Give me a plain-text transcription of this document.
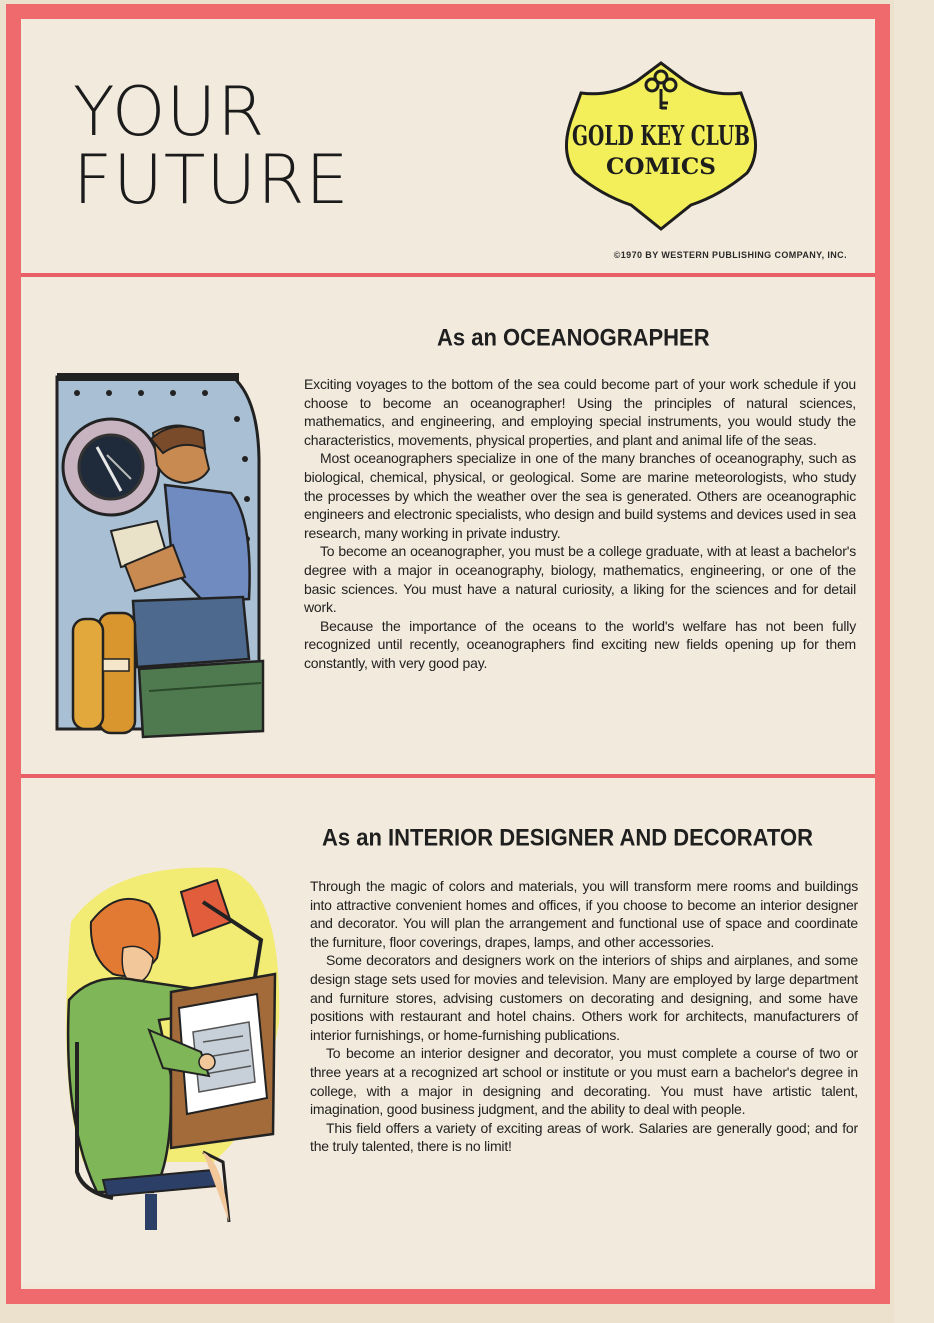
YOUR
FUTURE
GOLD KEY CLUB
COMICS

©1970 BY WESTERN PUBLISHING COMPANY, INC.

As an OCEANOGRAPHER

Exciting voyages to the bottom of the sea could become part of your work schedule if you choose to become an oceanographer! Using the principles of natural sciences, mathematics, and engineering, and employing special instruments, you would study the characteristics, movements, physical properties, and plant and animal life of the seas.

Most oceanographers specialize in one of the many branches of oceanography, such as biological, chemical, physical, or geological. Some are marine meteorologists, who study the processes by which the weather over the sea is generated. Others are oceanographic engineers and electronic specialists, who design and build systems and devices used in sea research, many working in private industry.

To become an oceanographer, you must be a college graduate, with at least a bachelor's degree with a major in oceanography, biology, mathematics, engineering, or one of the basic sciences. You must have a natural curiosity, a liking for the sciences and for detail work.

Because the importance of the oceans to the world's welfare has not been fully recognized until recently, oceanographers find exciting new fields opening up for them constantly, with very good pay.

As an INTERIOR DESIGNER AND DECORATOR

Through the magic of colors and materials, you will transform mere rooms and buildings into attractive convenient homes and offices, if you choose to become an interior designer and decorator. You will plan the arrangement and functional use of space and coordinate the furniture, floor coverings, drapes, lamps, and other accessories.

Some decorators and designers work on the interiors of ships and airplanes, and some design stage sets used for movies and television. Many are employed by large department and furniture stores, advising customers on decorating and designing, and some have positions with restaurant and hotel chains. Others work for architects, manufacturers of interior furnishings, or home-furnishing publications.

To become an interior designer and decorator, you must complete a course of two or three years at a recognized art school or institute or you must earn a bachelor's degree in college, with a major in designing and decorating. You must have artistic talent, imagination, good business judgment, and the ability to deal with people.

This field offers a variety of exciting areas of work. Salaries are generally good; and for the truly talented, there is no limit!
